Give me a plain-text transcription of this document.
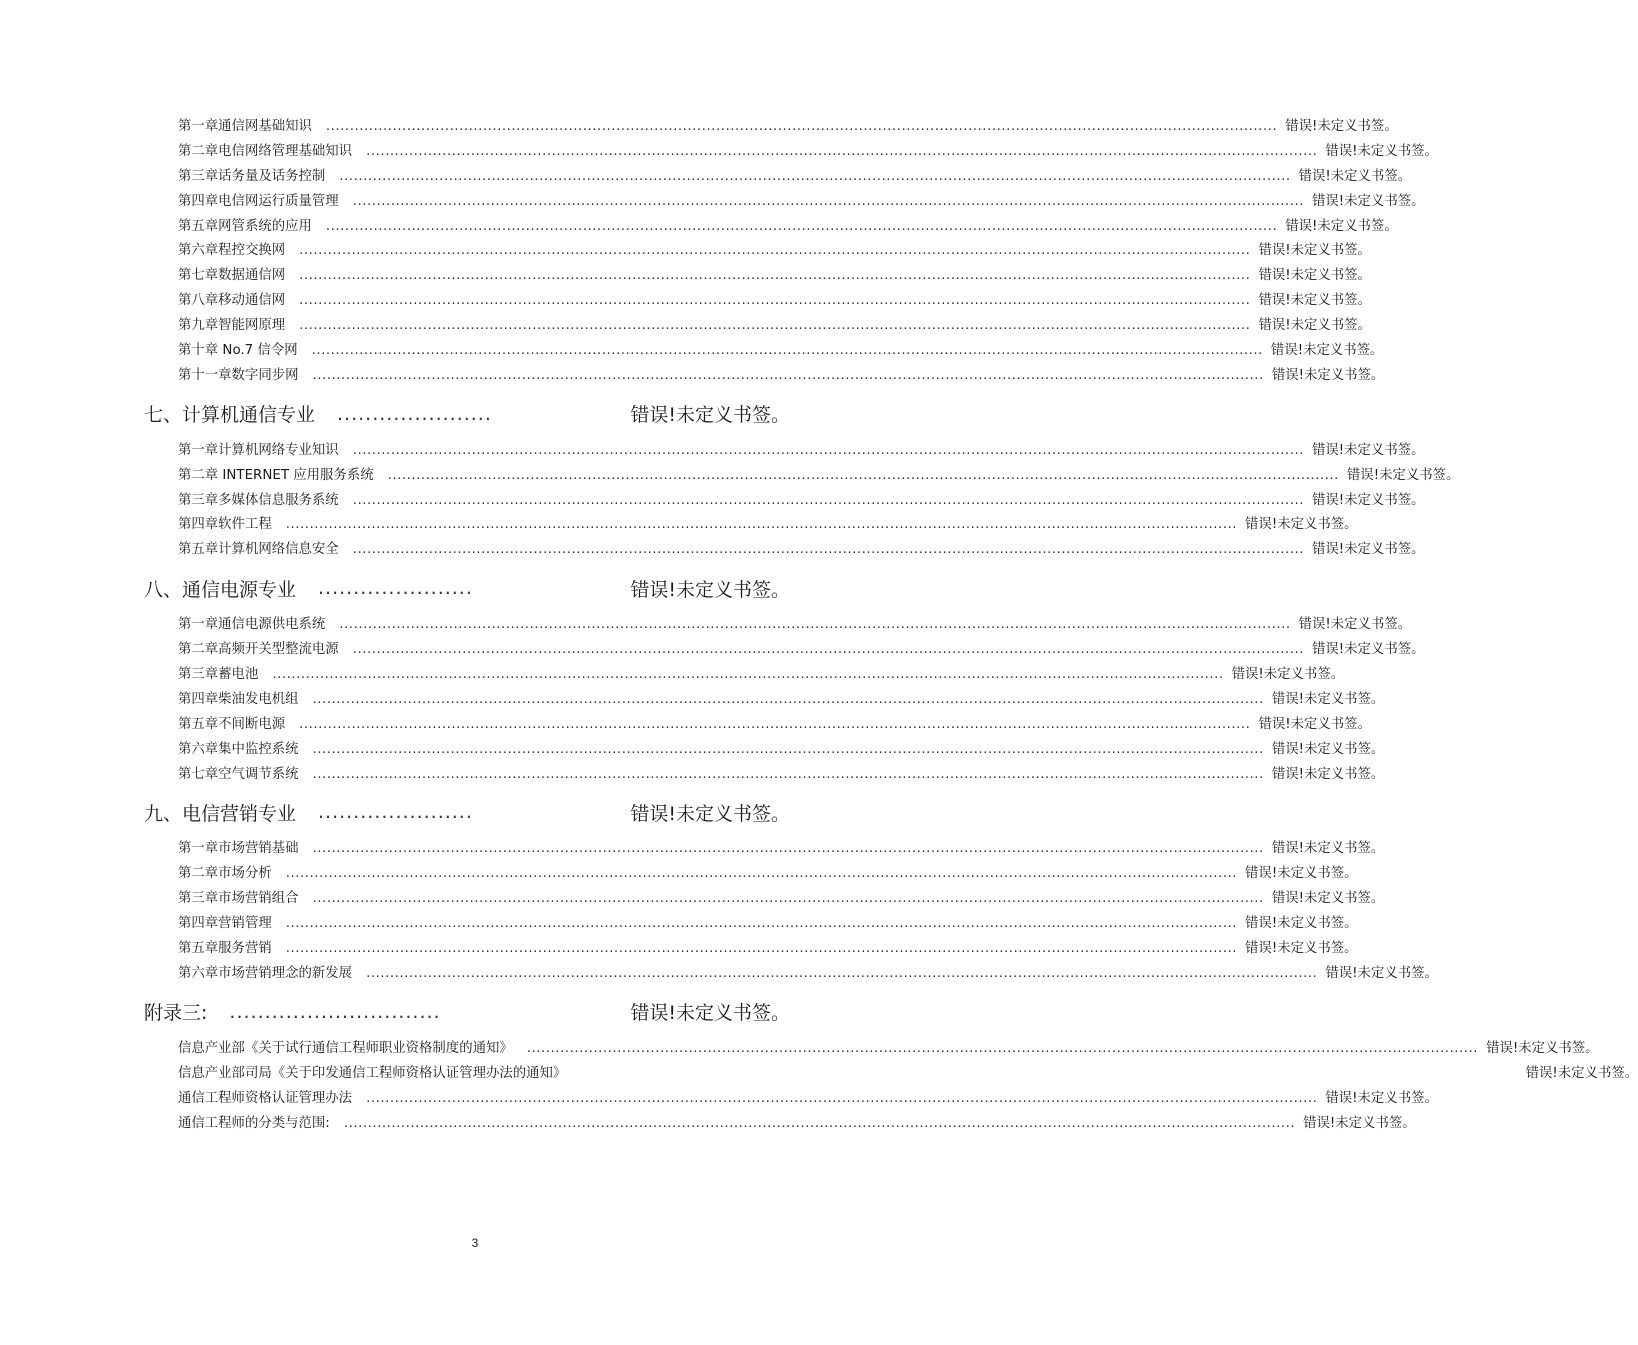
第一章通信网基础知识 ........................................................................................................................................................................................................ 错误!未定义书签。
第二章电信网络管理基础知识 ........................................................................................................................................................................................................ 错误!未定义书签。
第三章话务量及话务控制 ........................................................................................................................................................................................................ 错误!未定义书签。
第四章电信网运行质量管理 ........................................................................................................................................................................................................ 错误!未定义书签。
第五章网管系统的应用 ........................................................................................................................................................................................................ 错误!未定义书签。
第六章程控交换网 ........................................................................................................................................................................................................ 错误!未定义书签。
第七章数据通信网 ........................................................................................................................................................................................................ 错误!未定义书签。
第八章移动通信网 ........................................................................................................................................................................................................ 错误!未定义书签。
第九章智能网原理 ........................................................................................................................................................................................................ 错误!未定义书签。
第十章 No.7 信令网 ........................................................................................................................................................................................................ 错误!未定义书签。
第十一章数字同步网 ........................................................................................................................................................................................................ 错误!未定义书签。
七、计算机通信专业 ......................	错误!未定义书签。
第一章计算机网络专业知识 ........................................................................................................................................................................................................ 错误!未定义书签。
第二章 INTERNET 应用服务系统 ........................................................................................................................................................................................................ 错误!未定义书签。
第三章多媒体信息服务系统 ........................................................................................................................................................................................................ 错误!未定义书签。
第四章软件工程 ........................................................................................................................................................................................................ 错误!未定义书签。
第五章计算机网络信息安全 ........................................................................................................................................................................................................ 错误!未定义书签。
八、通信电源专业 ......................	错误!未定义书签。
第一章通信电源供电系统 ........................................................................................................................................................................................................ 错误!未定义书签。
第二章高频开关型整流电源 ........................................................................................................................................................................................................ 错误!未定义书签。
第三章蓄电池 ........................................................................................................................................................................................................ 错误!未定义书签。
第四章柴油发电机组 ........................................................................................................................................................................................................ 错误!未定义书签。
第五章不间断电源 ........................................................................................................................................................................................................ 错误!未定义书签。
第六章集中监控系统 ........................................................................................................................................................................................................ 错误!未定义书签。
第七章空气调节系统 ........................................................................................................................................................................................................ 错误!未定义书签。
九、电信营销专业 ......................	错误!未定义书签。
第一章市场营销基础 ........................................................................................................................................................................................................ 错误!未定义书签。
第二章市场分析 ........................................................................................................................................................................................................ 错误!未定义书签。
第三章市场营销组合 ........................................................................................................................................................................................................ 错误!未定义书签。
第四章营销管理 ........................................................................................................................................................................................................ 错误!未定义书签。
第五章服务营销 ........................................................................................................................................................................................................ 错误!未定义书签。
第六章市场营销理念的新发展 ........................................................................................................................................................................................................ 错误!未定义书签。
附录三: ..............................	错误!未定义书签。
信息产业部《关于试行通信工程师职业资格制度的通知》 ........................................................................................................................................................................................................ 错误!未定义书签。
信息产业部司局《关于印发通信工程师资格认证管理办法的通知》	错误!未定义书签。
通信工程师资格认证管理办法 ........................................................................................................................................................................................................ 错误!未定义书签。
通信工程师的分类与范围: ........................................................................................................................................................................................................ 错误!未定义书签。
3
